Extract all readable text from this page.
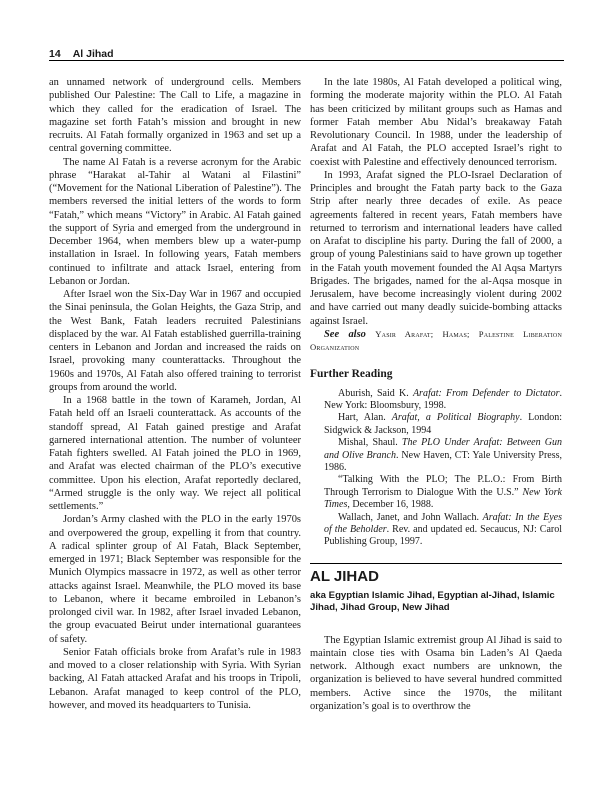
14 Al Jihad

an unnamed network of underground cells. Members published Our Palestine: The Call to Life, a magazine in which they called for the eradication of Israel. The magazine set forth Fatah’s mission and brought in new recruits. Al Fatah formally organized in 1963 and set up a central governing committee.

The name Al Fatah is a reverse acronym for the Arabic phrase “Harakat al-Tahir al Watani al Filastini” (“Movement for the National Liberation of Palestine”). The members reversed the initial letters of the words to form “Fatah,” which means “Victory” in Arabic. Al Fatah gained the support of Syria and emerged from the underground in December 1964, when members blew up a water-pump installation in Israel. In following years, Fatah members continued to infiltrate and attack Israel, entering from Lebanon or Jordan.

After Israel won the Six-Day War in 1967 and occupied the Sinai peninsula, the Golan Heights, the Gaza Strip, and the West Bank, Fatah leaders recruited Palestinians displaced by the war. Al Fatah established guerrilla-training centers in Lebanon and Jordan and increased the raids on Israel, provoking many counterattacks. Throughout the 1960s and 1970s, Al Fatah also offered training to terrorist groups from around the world.

In a 1968 battle in the town of Karameh, Jordan, Al Fatah held off an Israeli counterattack. As accounts of the standoff spread, Al Fatah gained prestige and Arafat garnered international attention. The number of volunteer Fatah fighters swelled. Al Fatah joined the PLO in 1969, and Arafat was elected chairman of the PLO’s executive committee. Upon his election, Arafat reportedly declared, “Armed struggle is the only way. We reject all political settlements.”

Jordan’s Army clashed with the PLO in the early 1970s and overpowered the group, expelling it from that country. A radical splinter group of Al Fatah, Black September, emerged in 1971; Black September was responsible for the Munich Olympics massacre in 1972, as well as other terror attacks against Israel. Meanwhile, the PLO moved its base to Lebanon, where it became embroiled in Lebanon’s prolonged civil war. In 1982, after Israel invaded Lebanon, the group evacuated Beirut under international guarantees of safety.

Senior Fatah officials broke from Arafat’s rule in 1983 and moved to a closer relationship with Syria. With Syrian backing, Al Fatah attacked Arafat and his troops in Tripoli, Lebanon. Arafat managed to keep control of the PLO, however, and moved its headquarters to Tunisia.

In the late 1980s, Al Fatah developed a political wing, forming the moderate majority within the PLO. Al Fatah has been criticized by militant groups such as Hamas and former Fatah member Abu Nidal’s breakaway Fatah Revolutionary Council. In 1988, under the leadership of Arafat and Al Fatah, the PLO accepted Israel’s right to coexist with Palestine and effectively denounced terrorism.

In 1993, Arafat signed the PLO-Israel Declaration of Principles and brought the Fatah party back to the Gaza Strip after nearly three decades of exile. As peace agreements faltered in recent years, Fatah members have returned to terrorism and international leaders have called on Arafat to discipline his party. During the fall of 2000, a group of young Palestinians said to have grown up together in the Fatah youth movement founded the Al Aqsa Martyrs Brigades. The brigades, named for the al-Aqsa mosque in Jerusalem, have become increasingly violent during 2002 and have carried out many deadly suicide-bombing attacks against Israel.

See also Yasir Arafat; Hamas; Palestine Liberation Organization

Further Reading

Aburish, Said K. Arafat: From Defender to Dictator. New York: Bloomsbury, 1998.

Hart, Alan. Arafat, a Political Biography. London: Sidgwick & Jackson, 1994

Mishal, Shaul. The PLO Under Arafat: Between Gun and Olive Branch. New Haven, CT: Yale University Press, 1986.

“Talking With the PLO; The P.L.O.: From Birth Through Terrorism to Dialogue With the U.S.” New York Times, December 16, 1988.

Wallach, Janet, and John Wallach. Arafat: In the Eyes of the Beholder. Rev. and updated ed. Secaucus, NJ: Carol Publishing Group, 1997.

AL JIHAD
aka Egyptian Islamic Jihad, Egyptian al-Jihad, Islamic Jihad, Jihad Group, New Jihad

The Egyptian Islamic extremist group Al Jihad is said to maintain close ties with Osama bin Laden’s Al Qaeda network. Although exact numbers are unknown, the organization is believed to have several hundred committed members. Active since the 1970s, the militant organization’s goal is to overthrow the
